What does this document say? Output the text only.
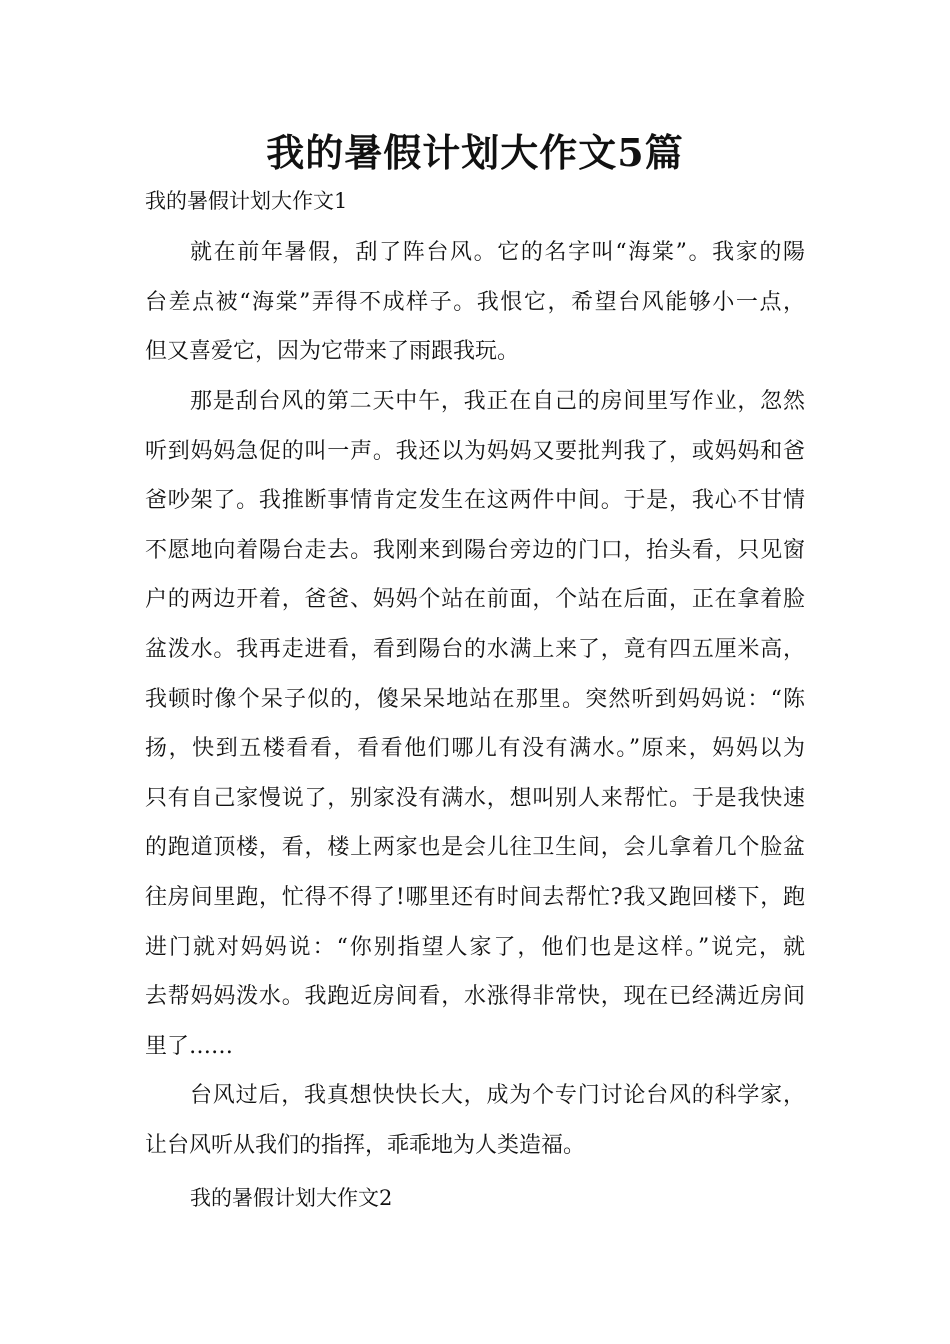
我的暑假计划大作文5篇
我的暑假计划大作文1
就在前年暑假，刮了阵台风。它的名字叫“海棠”。我家的陽
台差点被“海棠”弄得不成样子。我恨它，希望台风能够小一点，
但又喜爱它，因为它带来了雨跟我玩。
那是刮台风的第二天中午，我正在自己的房间里写作业，忽然
听到妈妈急促的叫一声。我还以为妈妈又要批判我了，或妈妈和爸
爸吵架了。我推断事情肯定发生在这两件中间。于是，我心不甘情
不愿地向着陽台走去。我刚来到陽台旁边的门口，抬头看，只见窗
户的两边开着，爸爸、妈妈个站在前面，个站在后面，正在拿着脸
盆泼水。我再走进看，看到陽台的水满上来了，竟有四五厘米高，
我顿时像个呆子似的，傻呆呆地站在那里。突然听到妈妈说：“陈
扬，快到五楼看看，看看他们哪儿有没有满水。”原来，妈妈以为
只有自己家慢说了，别家没有满水，想叫别人来帮忙。于是我快速
的跑道顶楼，看，楼上两家也是会儿往卫生间，会儿拿着几个脸盆
往房间里跑，忙得不得了!哪里还有时间去帮忙?我又跑回楼下，跑
进门就对妈妈说：“你别指望人家了，他们也是这样。”说完，就
去帮妈妈泼水。我跑近房间看，水涨得非常快，现在已经满近房间
里了……
台风过后，我真想快快长大，成为个专门讨论台风的科学家，
让台风听从我们的指挥，乖乖地为人类造福。
我的暑假计划大作文2
